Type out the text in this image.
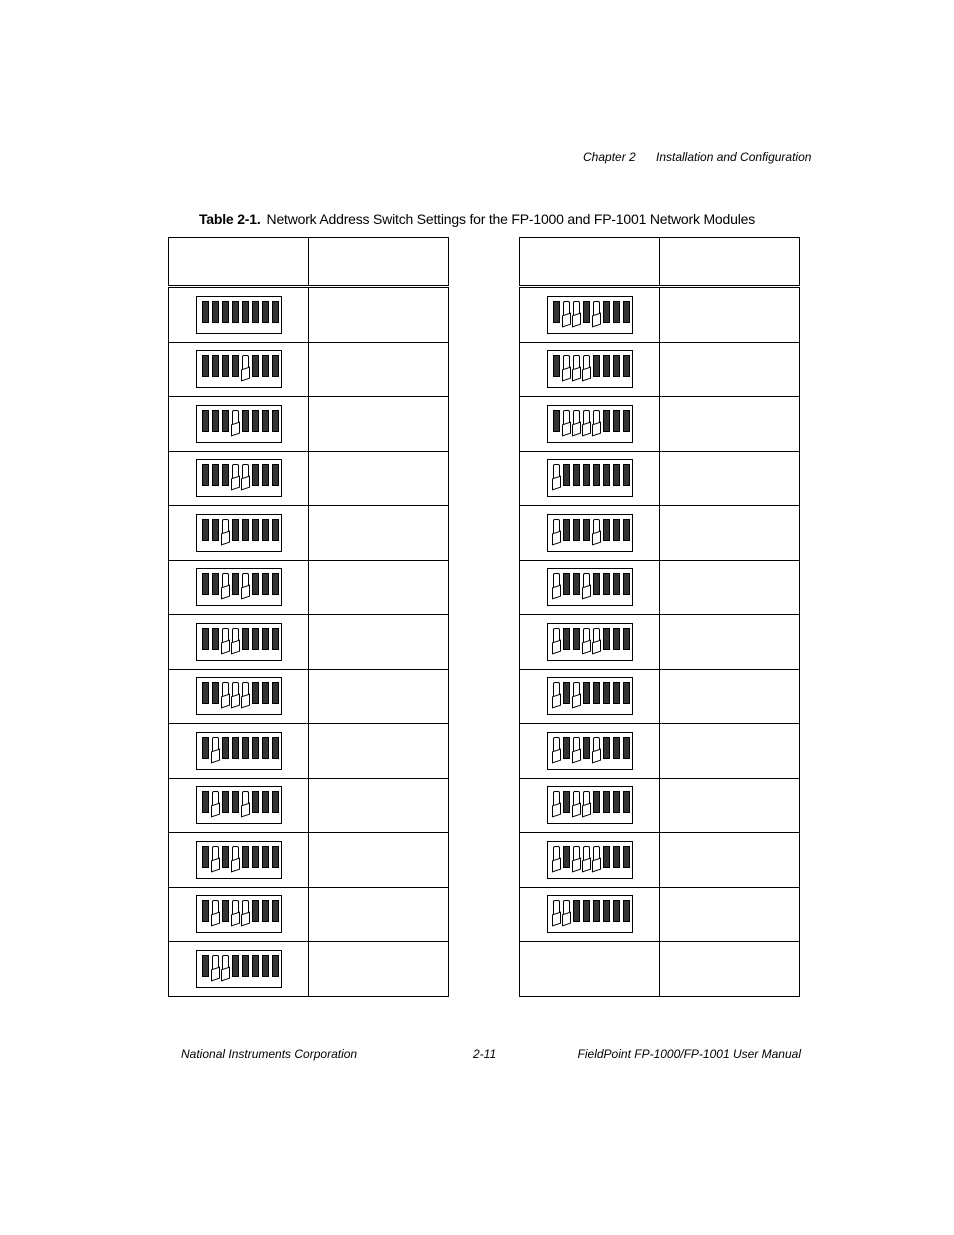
Chapter 2 Installation and Configuration
Table 2-1. Network Address Switch Settings for the FP-1000 and FP-1001 Network Modules

National Instruments Corporation	2-11	FieldPoint FP-1000/FP-1001 User Manual
